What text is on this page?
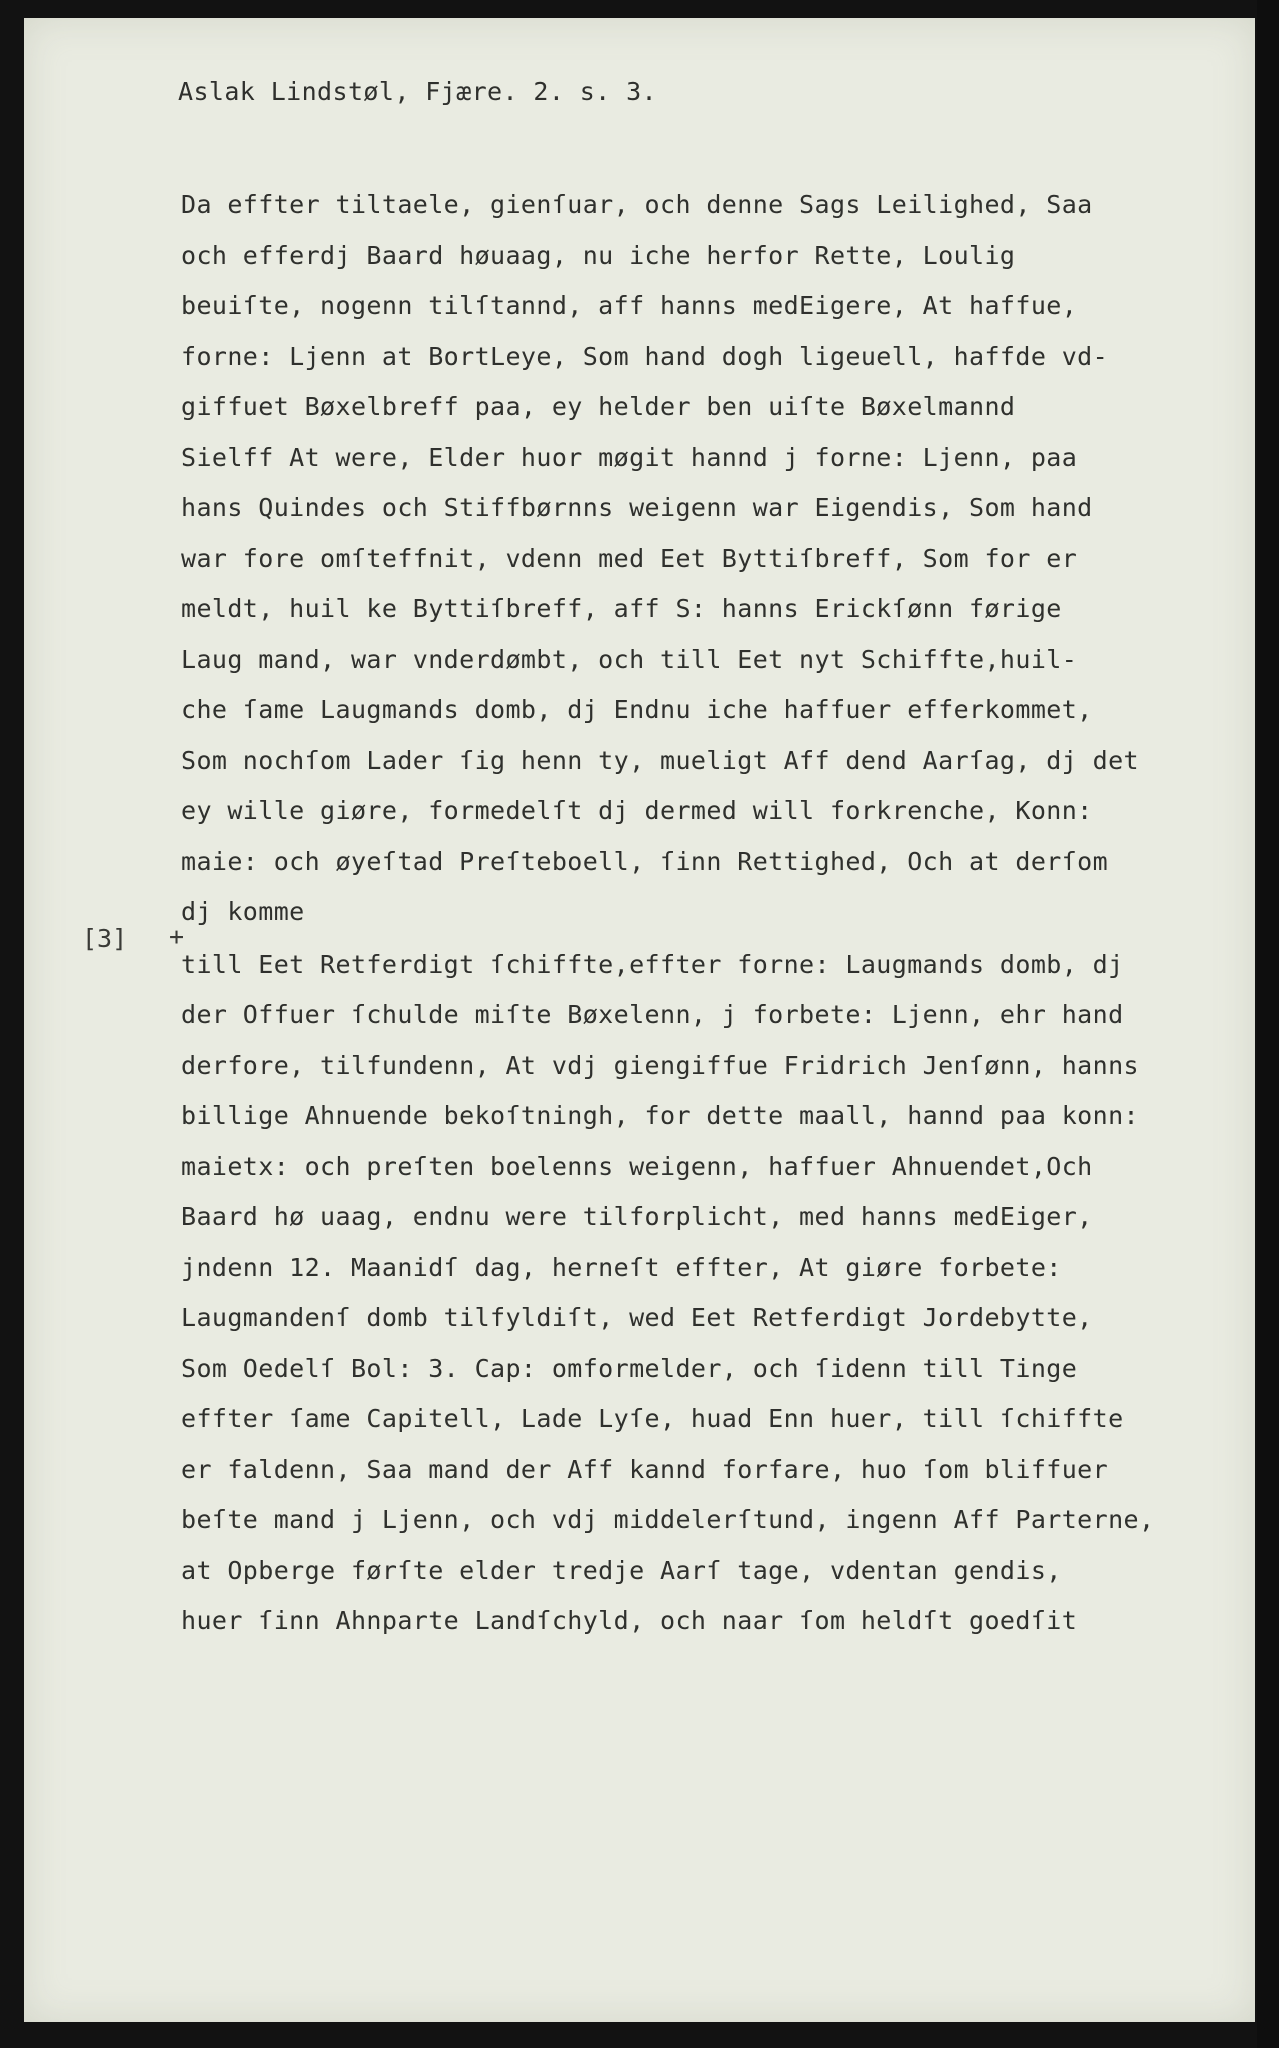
Aslak Lindstøl, Fjære. 2. s. 3.
[3] +
Da effter tiltaele, gienſuar, och denne Sags Leilighed, Saa
och efferdj Baard høuaag, nu iche herfor Rette, Loulig
beuiſte, nogenn tilſtannd, aff hanns medEigere, At haffue,
forne: Ljenn at BortLeye, Som hand dogh ligeuell, haffde vd-
giffuet Bøxelbreff paa, ey helder ben uiſte Bøxelmannd
Sielff At were, Elder huor møgit hannd j forne: Ljenn, paa
hans Quindes och Stiffbørnns weigenn war Eigendis, Som hand
war fore omſteffnit, vdenn med Eet Byttiſbreff, Som for er
meldt, huil ke Byttiſbreff, aff S: hanns Erickſønn førige
Laug mand, war vnderdømbt, och till Eet nyt Schiffte,huil-
che ſame Laugmands domb, dj Endnu iche haffuer efferkommet,
Som nochſom Lader ſig henn ty, mueligt Aff dend Aarſag, dj det
ey wille giøre, formedelſt dj dermed will forkrenche, Konn:
maie: och øyeſtad Preſteboell, ſinn Rettighed, Och at derſom
dj komme
till Eet Retferdigt ſchiffte,effter forne: Laugmands domb, dj
der Offuer ſchulde miſte Bøxelenn, j forbete: Ljenn, ehr hand
derfore, tilfundenn, At vdj giengiffue Fridrich Jenſønn, hanns
billige Ahnuende bekoſtningh, for dette maall, hannd paa konn:
maietx: och preſten boelenns weigenn, haffuer Ahnuendet,Och
Baard hø uaag, endnu were tilforplicht, med hanns medEiger,
jndenn 12. Maanidſ dag, herneſt effter, At giøre forbete:
Laugmandenſ domb tilfyldiſt, wed Eet Retferdigt Jordebytte,
Som Oedelſ Bol: 3. Cap: omformelder, och ſidenn till Tinge
effter ſame Capitell, Lade Lyſe, huad Enn huer, till ſchiffte
er faldenn, Saa mand der Aff kannd forfare, huo ſom bliffuer
beſte mand j Ljenn, och vdj middelerſtund, ingenn Aff Parterne,
at Opberge førſte elder tredje Aarſ tage, vdentan gendis,
huer ſinn Ahnparte Landſchyld, och naar ſom heldſt goedſit
